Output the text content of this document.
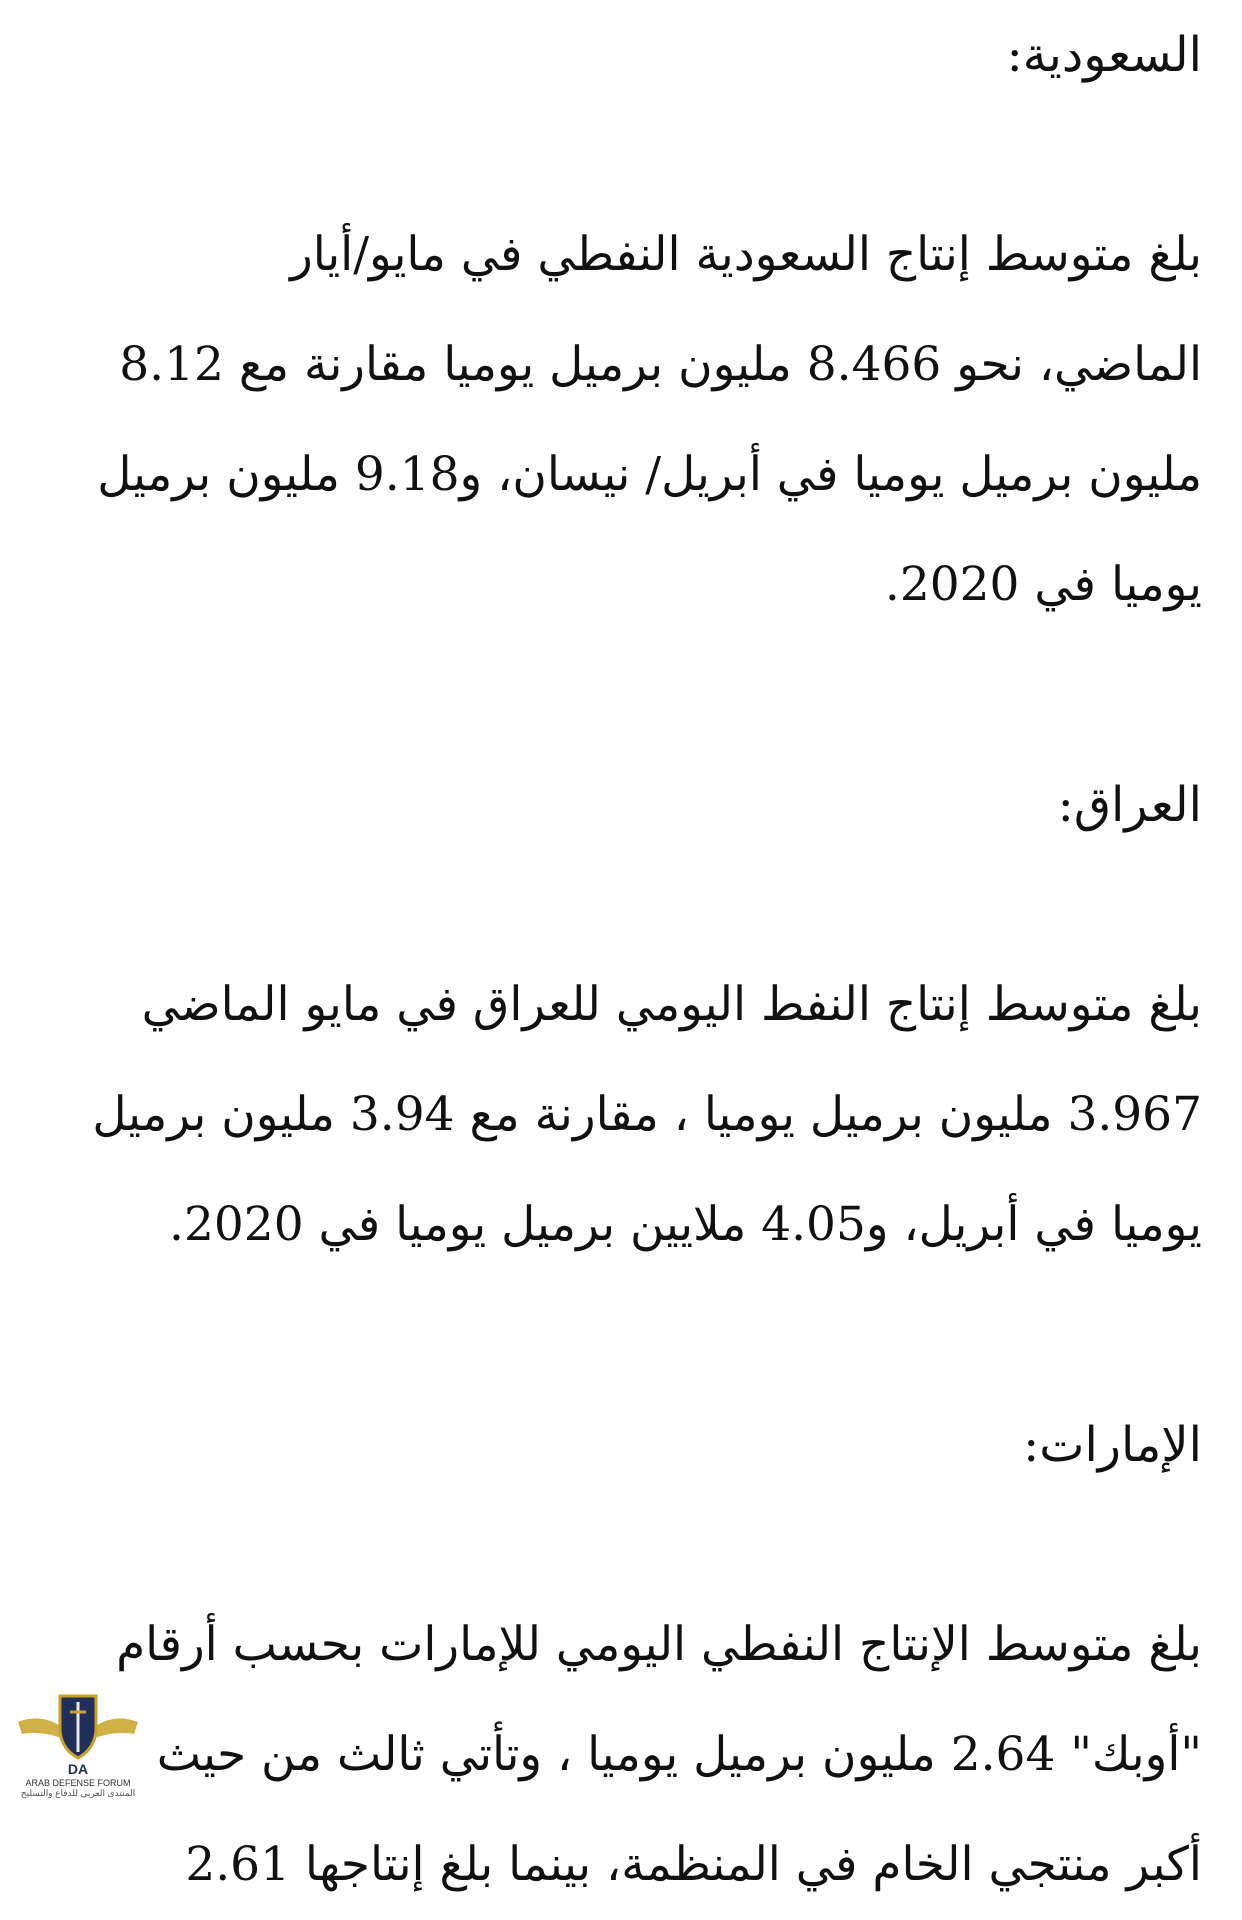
السعودية:

بلغ متوسط إنتاج السعودية النفطي في مايو/أيار
الماضي، نحو 8.466 مليون برميل يوميا مقارنة مع 8.12
مليون برميل يوميا في أبريل/ نيسان، و9.18 مليون برميل
يوميا في 2020.

العراق:

بلغ متوسط إنتاج النفط اليومي للعراق في مايو الماضي
3.967 مليون برميل يوميا ، مقارنة مع 3.94 مليون برميل
يوميا في أبريل، و4.05 ملايين برميل يوميا في 2020.

الإمارات:

بلغ متوسط الإنتاج النفطي اليومي للإمارات بحسب أرقام
"أوبك" 2.64 مليون برميل يوميا ، وتأتي ثالث من حيث
أكبر منتجي الخام في المنظمة، بينما بلغ إنتاجها 2.61

DA
ARAB DEFENSE FORUM
المنتدى العربي للدفاع والتسليح
